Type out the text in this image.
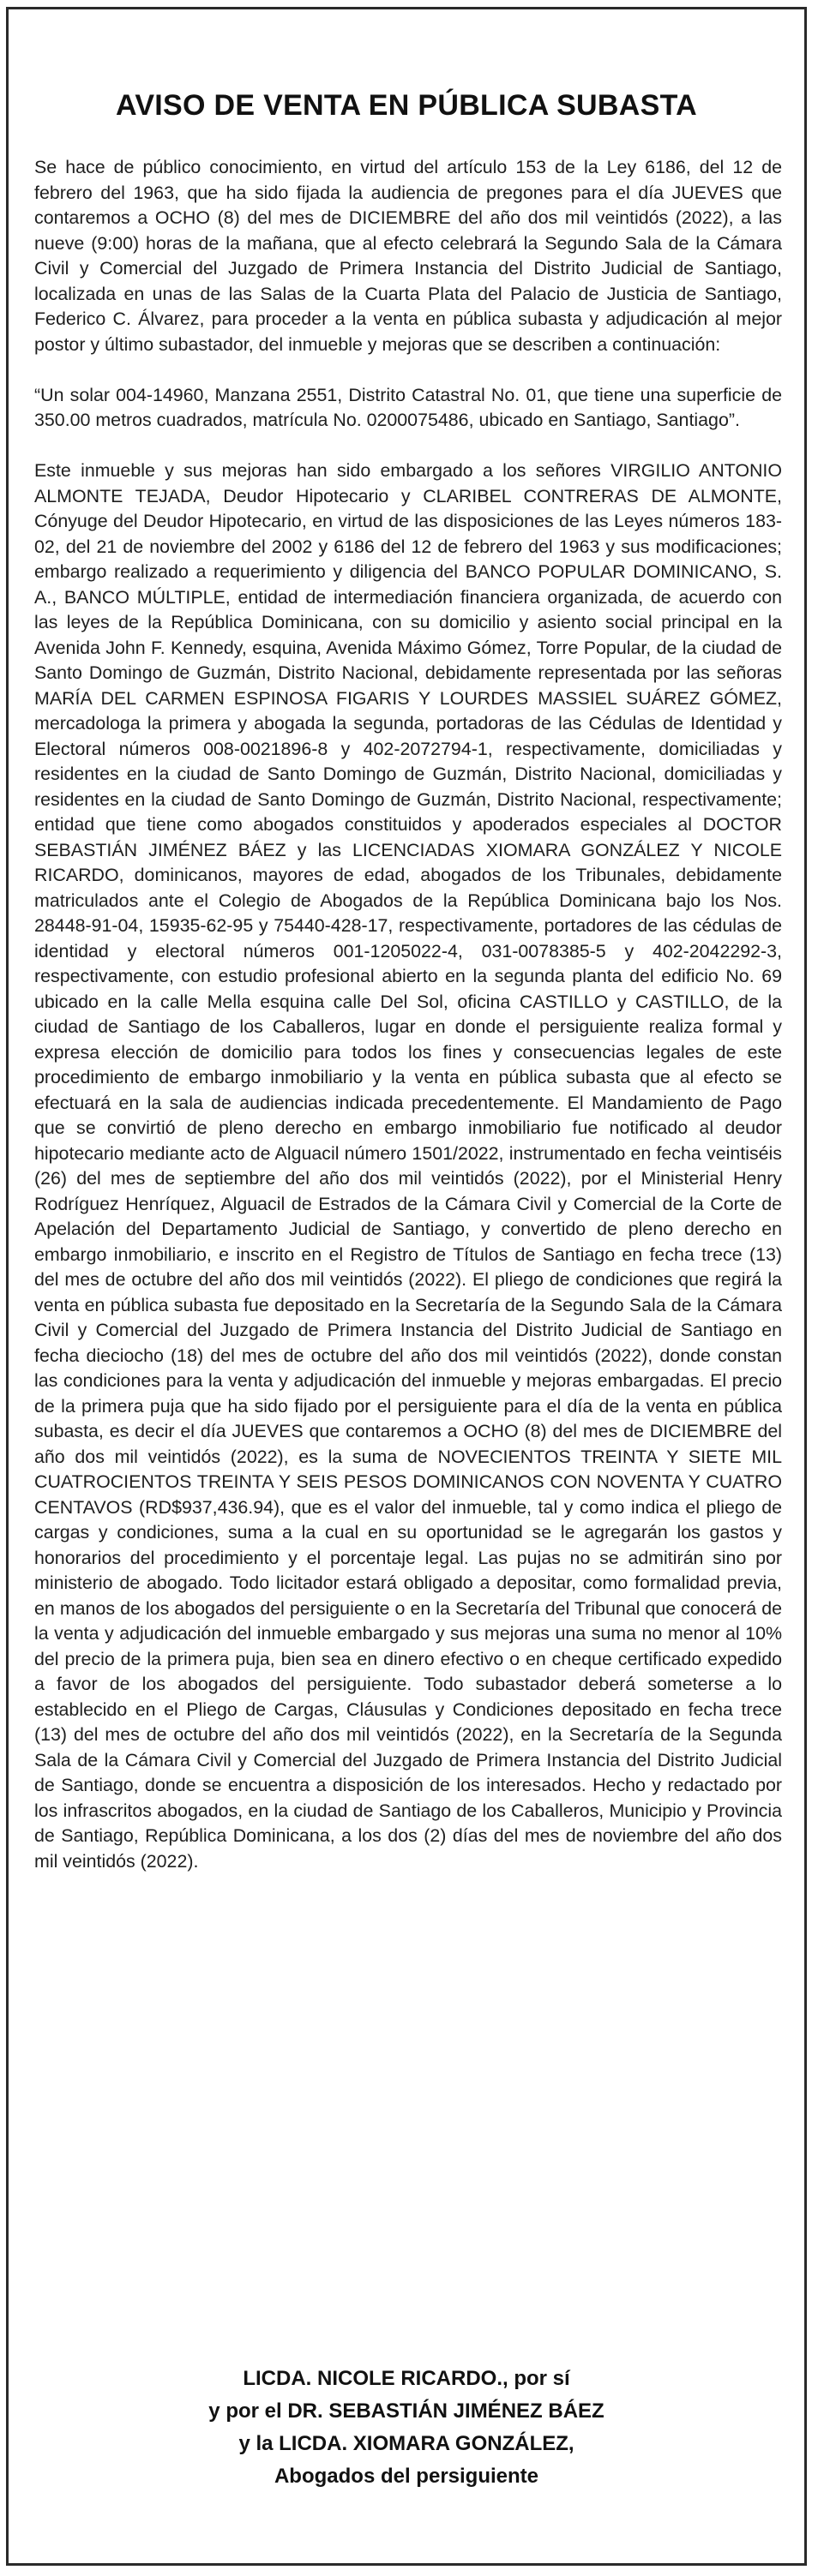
AVISO DE VENTA EN PÚBLICA SUBASTA

Se hace de público conocimiento, en virtud del artículo 153 de la Ley 6186, del 12 de febrero del 1963, que ha sido fijada la audiencia de pregones para el día JUEVES que contaremos a OCHO (8) del mes de DICIEMBRE del año dos mil veintidós (2022), a las nueve (9:00) horas de la mañana, que al efecto celebrará la Segundo Sala de la Cámara Civil y Comercial del Juzgado de Primera Instancia del Distrito Judicial de Santiago, localizada en unas de las Salas de la Cuarta Plata del Palacio de Justicia de Santiago, Federico C. Álvarez, para proceder a la venta en pública subasta y adjudicación al mejor postor y último subastador, del inmueble y mejoras que se describen a continuación:

“Un solar 004-14960, Manzana 2551, Distrito Catastral No. 01, que tiene una superficie de 350.00 metros cuadrados, matrícula No. 0200075486, ubicado en Santiago, Santiago”.

Este inmueble y sus mejoras han sido embargado a los señores VIRGILIO ANTONIO ALMONTE TEJADA, Deudor Hipotecario y CLARIBEL CONTRERAS DE ALMONTE, Cónyuge del Deudor Hipotecario, en virtud de las disposiciones de las Leyes números 183-02, del 21 de noviembre del 2002 y 6186 del 12 de febrero del 1963 y sus modificaciones; embargo realizado a requerimiento y diligencia del BANCO POPULAR DOMINICANO, S. A., BANCO MÚLTIPLE, entidad de intermediación financiera organizada, de acuerdo con las leyes de la República Dominicana, con su domicilio y asiento social principal en la Avenida John F. Kennedy, esquina, Avenida Máximo Gómez, Torre Popular, de la ciudad de Santo Domingo de Guzmán, Distrito Nacional, debidamente representada por las señoras MARÍA DEL CARMEN ESPINOSA FIGARIS Y LOURDES MASSIEL SUÁREZ GÓMEZ, mercadologa la primera y abogada la segunda, portadoras de las Cédulas de Identidad y Electoral números 008-0021896-8 y 402-2072794-1, respectivamente, domiciliadas y residentes en la ciudad de Santo Domingo de Guzmán, Distrito Nacional, domiciliadas y residentes en la ciudad de Santo Domingo de Guzmán, Distrito Nacional, respectivamente; entidad que tiene como abogados constituidos y apoderados especiales al DOCTOR SEBASTIÁN JIMÉNEZ BÁEZ y las LICENCIADAS XIOMARA GONZÁLEZ Y NICOLE RICARDO, dominicanos, mayores de edad, abogados de los Tribunales, debidamente matriculados ante el Colegio de Abogados de la República Dominicana bajo los Nos. 28448-91-04, 15935-62-95 y 75440-428-17, respectivamente, portadores de las cédulas de identidad y electoral números 001-1205022-4, 031-0078385-5 y 402-2042292-3, respectivamente, con estudio profesional abierto en la segunda planta del edificio No. 69 ubicado en la calle Mella esquina calle Del Sol, oficina CASTILLO y CASTILLO, de la ciudad de Santiago de los Caballeros, lugar en donde el persiguiente realiza formal y expresa elección de domicilio para todos los fines y consecuencias legales de este procedimiento de embargo inmobiliario y la venta en pública subasta que al efecto se efectuará en la sala de audiencias indicada precedentemente. El Mandamiento de Pago que se convirtió de pleno derecho en embargo inmobiliario fue notificado al deudor hipotecario mediante acto de Alguacil número 1501/2022, instrumentado en fecha veintiséis (26) del mes de septiembre del año dos mil veintidós (2022), por el Ministerial Henry Rodríguez Henríquez, Alguacil de Estrados de la Cámara Civil y Comercial de la Corte de Apelación del Departamento Judicial de Santiago, y convertido de pleno derecho en embargo inmobiliario, e inscrito en el Registro de Títulos de Santiago en fecha trece (13) del mes de octubre del año dos mil veintidós (2022). El pliego de condiciones que regirá la venta en pública subasta fue depositado en la Secretaría de la Segundo Sala de la Cámara Civil y Comercial del Juzgado de Primera Instancia del Distrito Judicial de Santiago en fecha dieciocho (18) del mes de octubre del año dos mil veintidós (2022), donde constan las condiciones para la venta y adjudicación del inmueble y mejoras embargadas. El precio de la primera puja que ha sido fijado por el persiguiente para el día de la venta en pública subasta, es decir el día JUEVES que contaremos a OCHO (8) del mes de DICIEMBRE del año dos mil veintidós (2022), es la suma de NOVECIENTOS TREINTA Y SIETE MIL CUATROCIENTOS TREINTA Y SEIS PESOS DOMINICANOS CON NOVENTA Y CUATRO CENTAVOS (RD$937,436.94), que es el valor del inmueble, tal y como indica el pliego de cargas y condiciones, suma a la cual en su oportunidad se le agregarán los gastos y honorarios del procedimiento y el porcentaje legal. Las pujas no se admitirán sino por ministerio de abogado. Todo licitador estará obligado a depositar, como formalidad previa, en manos de los abogados del persiguiente o en la Secretaría del Tribunal que conocerá de la venta y adjudicación del inmueble embargado y sus mejoras una suma no menor al 10% del precio de la primera puja, bien sea en dinero efectivo o en cheque certificado expedido a favor de los abogados del persiguiente. Todo subastador deberá someterse a lo establecido en el Pliego de Cargas, Cláusulas y Condiciones depositado en fecha trece (13) del mes de octubre del año dos mil veintidós (2022), en la Secretaría de la Segunda Sala de la Cámara Civil y Comercial del Juzgado de Primera Instancia del Distrito Judicial de Santiago, donde se encuentra a disposición de los interesados. Hecho y redactado por los infrascritos abogados, en la ciudad de Santiago de los Caballeros, Municipio y Provincia de Santiago, República Dominicana, a los dos (2) días del mes de noviembre del año dos mil veintidós (2022).

LICDA. NICOLE RICARDO., por sí
y por el DR. SEBASTIÁN JIMÉNEZ BÁEZ
y la LICDA. XIOMARA GONZÁLEZ,
Abogados del persiguiente
